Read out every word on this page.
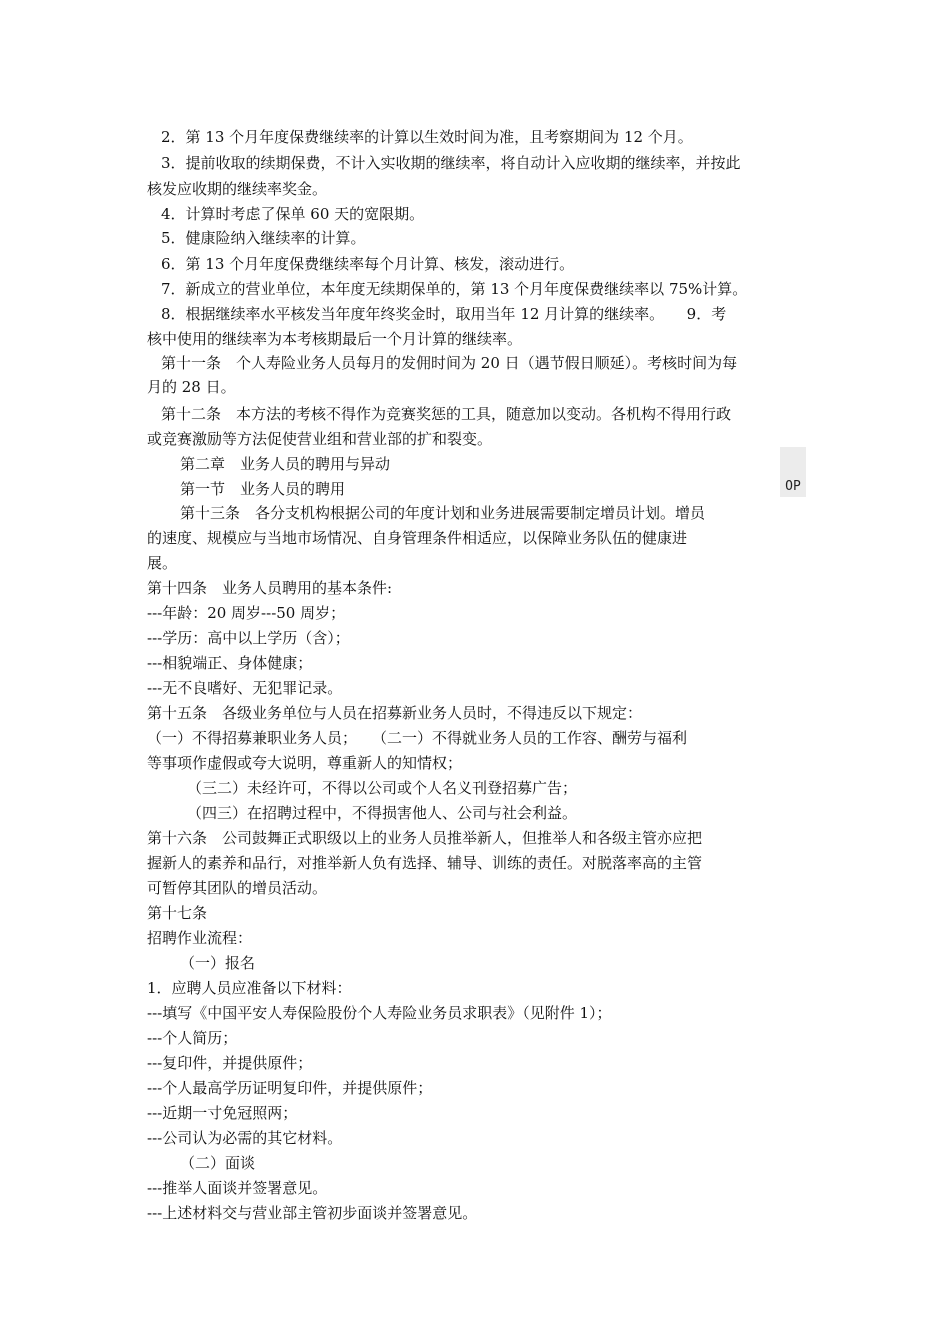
2．第 13 个月年度保费继续率的计算以生效时间为准，且考察期间为 12 个月。
3．提前收取的续期保费，不计入实收期的继续率，将自动计入应收期的继续率，并按此
核发应收期的继续率奖金。
4．计算时考虑了保单 60 天的宽限期。
5．健康险纳入继续率的计算。
6．第 13 个月年度保费继续率每个月计算、核发，滚动进行。
7．新成立的营业单位，本年度无续期保单的，第 13 个月年度保费继续率以 75%计算。
8．根据继续率水平核发当年度年终奖金时，取用当年 12 月计算的继续率。　　9．考
核中使用的继续率为本考核期最后一个月计算的继续率。
第十一条　个人寿险业务人员每月的发佣时间为 20 日（遇节假日顺延）。考核时间为每
月的 28 日。
第十二条　本方法的考核不得作为竞赛奖惩的工具，随意加以变动。各机构不得用行政
或竞赛激励等方法促使营业组和营业部的扩和裂变。
第二章　业务人员的聘用与异动
第一节　业务人员的聘用
第十三条　各分支机构根据公司的年度计划和业务进展需要制定增员计划。增员
的速度、规模应与当地市场情况、自身管理条件相适应，以保障业务队伍的健康进
展。
第十四条　业务人员聘用的基本条件:
---年龄：20 周岁---50 周岁；
---学历：高中以上学历（含）；
---相貌端正、身体健康；
---无不良嗜好、无犯罪记录。
第十五条　各级业务单位与人员在招募新业务人员时，不得违反以下规定：
（一）不得招募兼职业务人员；　　（二一）不得就业务人员的工作容、酬劳与福利
等事项作虚假或夸大说明，尊重新人的知情权；
（三二）未经许可，不得以公司或个人名义刊登招募广告；
（四三）在招聘过程中，不得损害他人、公司与社会利益。
第十六条　公司鼓舞正式职级以上的业务人员推举新人，但推举人和各级主管亦应把
握新人的素养和品行，对推举新人负有选择、辅导、训练的责任。对脱落率高的主管
可暂停其团队的增员活动。
第十七条
招聘作业流程：
（一）报名
1．应聘人员应准备以下材料：
---填写《中国平安人寿保险股份个人寿险业务员求职表》（见附件 1）；
---个人简历；
---复印件，并提供原件；
---个人最高学历证明复印件，并提供原件；
---近期一寸免冠照两；
---公司认为必需的其它材料。
（二）面谈
---推举人面谈并签署意见。
---上述材料交与营业部主管初步面谈并签署意见。
OP
